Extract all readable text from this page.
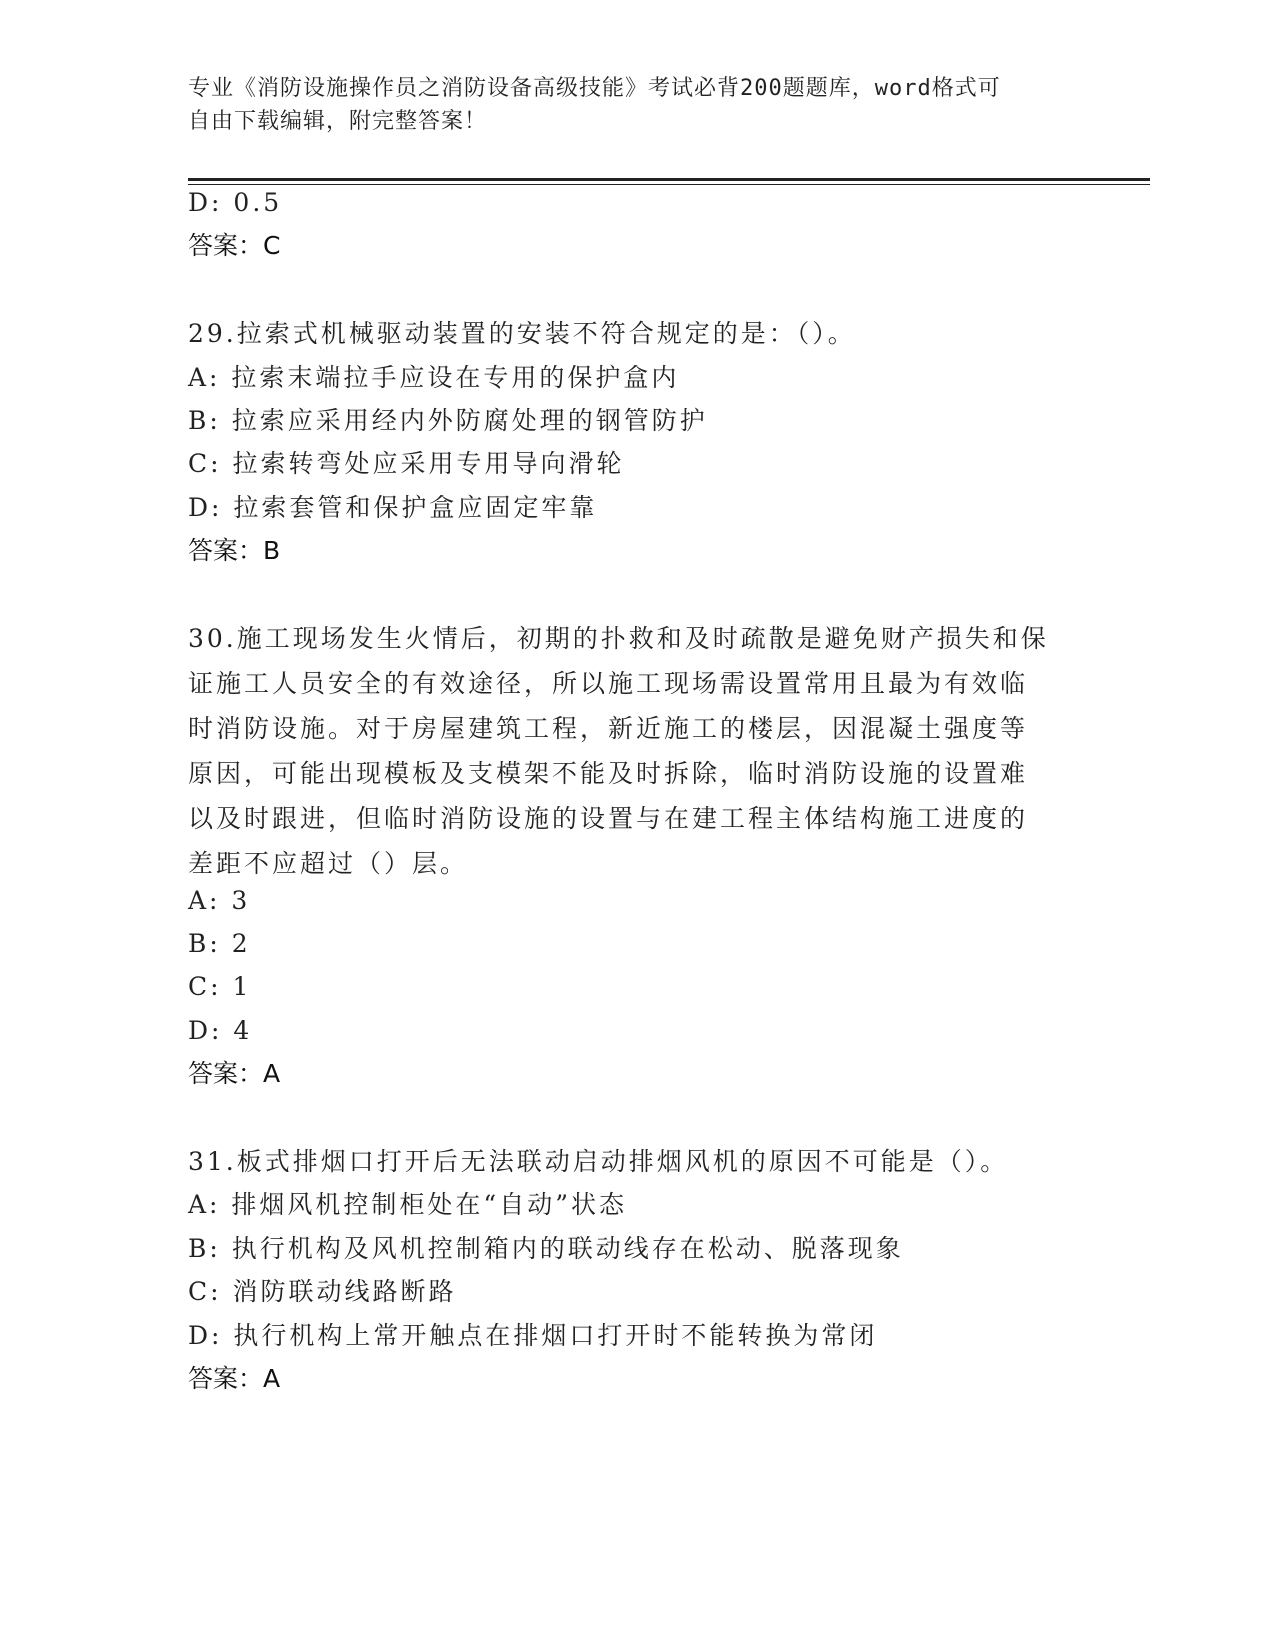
专业《消防设施操作员之消防设备高级技能》考试必背200题题库，word格式可
自由下载编辑，附完整答案！
D: 0.5
答案：C
29.拉索式机械驱动装置的安装不符合规定的是：（）。
A: 拉索末端拉手应设在专用的保护盒内
B: 拉索应采用经内外防腐处理的钢管防护
C: 拉索转弯处应采用专用导向滑轮
D: 拉索套管和保护盒应固定牢靠
答案：B
30.施工现场发生火情后，初期的扑救和及时疏散是避免财产损失和保
证施工人员安全的有效途径，所以施工现场需设置常用且最为有效临
时消防设施。对于房屋建筑工程，新近施工的楼层，因混凝土强度等
原因，可能出现模板及支模架不能及时拆除，临时消防设施的设置难
以及时跟进，但临时消防设施的设置与在建工程主体结构施工进度的
差距不应超过（）层。
A: 3
B: 2
C: 1
D: 4
答案：A
31.板式排烟口打开后无法联动启动排烟风机的原因不可能是（）。
A: 排烟风机控制柜处在“自动”状态
B: 执行机构及风机控制箱内的联动线存在松动、脱落现象
C: 消防联动线路断路
D: 执行机构上常开触点在排烟口打开时不能转换为常闭
答案：A
